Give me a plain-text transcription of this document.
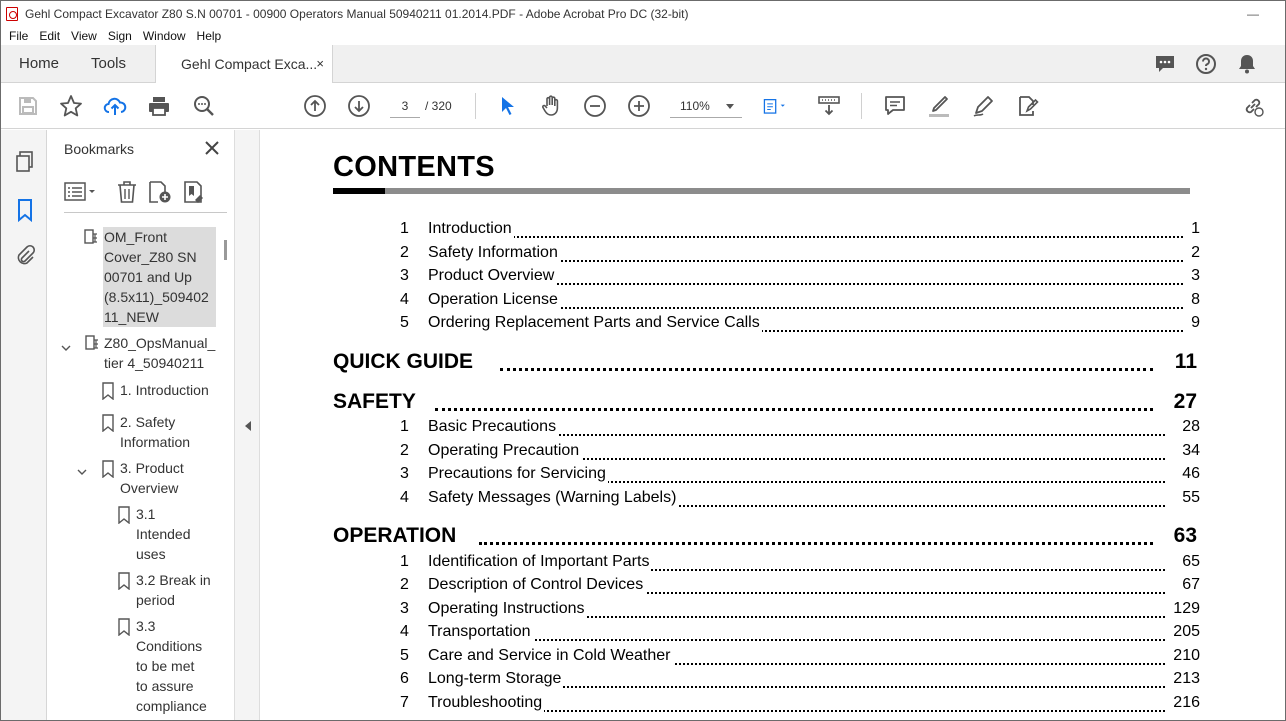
Gehl Compact Excavator Z80 S.N 00701 - 00900 Operators Manual 50940211 01.2014.PDF - Adobe Acrobat Pro DC (32-bit)	—
File Edit View Sign Window Help
Home Tools	Gehl Compact Exca... ×
3	/ 320	110%
Bookmarks
OM_Front
Cover_Z80 SN
00701 and Up
(8.5x11)_509402
11_NEW
Z80_OpsManual_
tier 4_50940211
1. Introduction
2. Safety
Information
3. Product
Overview
3.1
Intended
uses
3.2 Break in
period
3.3
Conditions
to be met
to assure
compliance
CONTENTS
1 Introduction	1
2 Safety Information	2
3 Product Overview	3
4 Operation License	8
5 Ordering Replacement Parts and Service Calls	9
QUICK GUIDE	11
SAFETY	27
1 Basic Precautions	28
2 Operating Precaution	34
3 Precautions for Servicing	46
4 Safety Messages (Warning Labels)	55
OPERATION	63
1 Identification of Important Parts	65
2 Description of Control Devices	67
3 Operating Instructions	129
4 Transportation	205
5 Care and Service in Cold Weather	210
6 Long-term Storage	213
7 Troubleshooting	216
